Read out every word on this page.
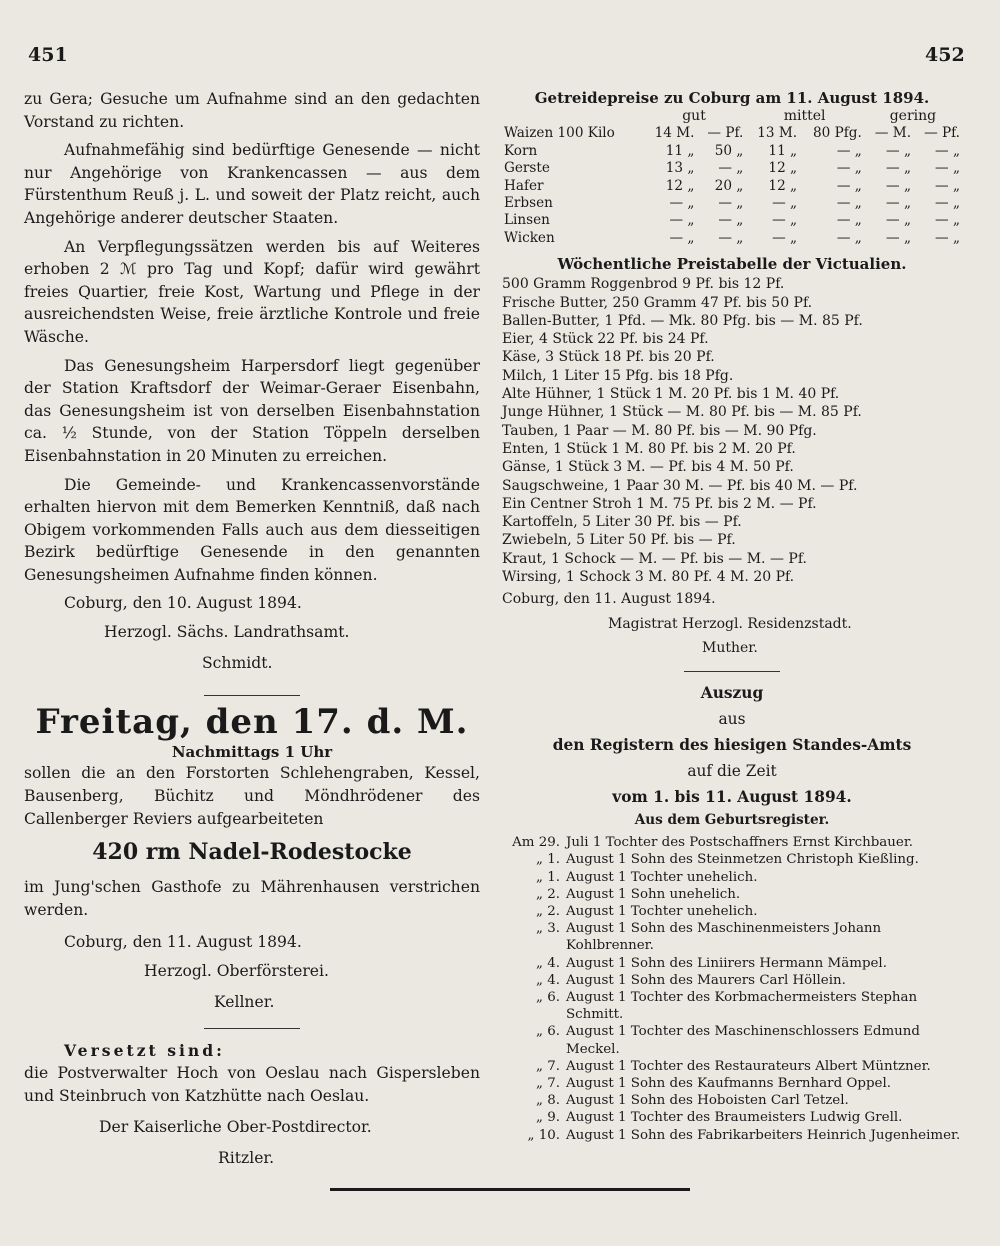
451	452

zu Gera; Gesuche um Aufnahme sind an den gedachten Vorstand zu richten.

Aufnahmefähig sind bedürftige Genesende — nicht nur Angehörige von Krankencassen — aus dem Fürstenthum Reuß j. L. und soweit der Platz reicht, auch Angehörige anderer deutscher Staaten.

An Verpflegungssätzen werden bis auf Weiteres erhoben 2 ℳ pro Tag und Kopf; dafür wird gewährt freies Quartier, freie Kost, Wartung und Pflege in der ausreichendsten Weise, freie ärztliche Kontrole und freie Wäsche.

Das Genesungsheim Harpersdorf liegt gegenüber der Station Kraftsdorf der Weimar-Geraer Eisenbahn, das Genesungsheim ist von derselben Eisenbahnstation ca. ½ Stunde, von der Station Töppeln derselben Eisenbahnstation in 20 Minuten zu erreichen.

Die Gemeinde- und Krankencassenvorstände erhalten hiervon mit dem Bemerken Kenntniß, daß nach Obigem vorkommenden Falls auch aus dem diesseitigen Bezirk bedürftige Genesende in den genannten Genesungsheimen Aufnahme finden können.

Coburg, den 10. August 1894.

Herzogl. Sächs. Landrathsamt.

Schmidt.

Freitag, den 17. d. M.
Nachmittags 1 Uhr

sollen die an den Forstorten Schlehengraben, Kessel, Bausenberg, Büchitz und Möndhrödener des Callenberger Reviers aufgearbeiteten

420 rm Nadel-Rodestocke

im Jung'schen Gasthofe zu Mährenhausen verstrichen werden.

Coburg, den 11. August 1894.

Herzogl. Oberförsterei.

Kellner.

Versetzt sind:

die Postverwalter Hoch von Oeslau nach Gispersleben und Steinbruch von Katzhütte nach Oeslau.

Der Kaiserliche Ober-Postdirector.

Ritzler.

Getreidepreise zu Coburg am 11. August 1894.
	gut		mittel		gering	
Waizen 100 Kilo	14 M.	— Pf.	13 M.	80 Pfg.	— M.	— Pf.
Korn	11 „	50 „	11 „	— „	— „	— „
Gerste	13 „	— „	12 „	— „	— „	— „
Hafer	12 „	20 „	12 „	— „	— „	— „
Erbsen	— „	— „	— „	— „	— „	— „
Linsen	— „	— „	— „	— „	— „	— „
Wicken	— „	— „	— „	— „	— „	— „
Wöchentliche Preistabelle der Victualien.

500 Gramm Roggenbrod 9 Pf. bis 12 Pf.

Frische Butter, 250 Gramm 47 Pf. bis 50 Pf.

Ballen-Butter, 1 Pfd. — Mk. 80 Pfg. bis — M. 85 Pf.

Eier, 4 Stück 22 Pf. bis 24 Pf.

Käse, 3 Stück 18 Pf. bis 20 Pf.

Milch, 1 Liter 15 Pfg. bis 18 Pfg.

Alte Hühner, 1 Stück 1 M. 20 Pf. bis 1 M. 40 Pf.

Junge Hühner, 1 Stück — M. 80 Pf. bis — M. 85 Pf.

Tauben, 1 Paar — M. 80 Pf. bis — M. 90 Pfg.

Enten, 1 Stück 1 M. 80 Pf. bis 2 M. 20 Pf.

Gänse, 1 Stück 3 M. — Pf. bis 4 M. 50 Pf.

Saugschweine, 1 Paar 30 M. — Pf. bis 40 M. — Pf.

Ein Centner Stroh 1 M. 75 Pf. bis 2 M. — Pf.

Kartoffeln, 5 Liter 30 Pf. bis — Pf.

Zwiebeln, 5 Liter 50 Pf. bis — Pf.

Kraut, 1 Schock — M. — Pf. bis — M. — Pf.

Wirsing, 1 Schock 3 M. 80 Pf. 4 M. 20 Pf.

Coburg, den 11. August 1894.

Magistrat Herzogl. Residenzstadt.

Muther.

Auszug
aus
den Registern des hiesigen Standes-Amts
auf die Zeit
vom 1. bis 11. August 1894.
Aus dem Geburtsregister.
Am 29. Juli 1 Tochter des Postschaffners Ernst Kirchbauer.
„ 1. August 1 Sohn des Steinmetzen Christoph Kießling.
„ 1. August 1 Tochter unehelich.
„ 2. August 1 Sohn unehelich.
„ 2. August 1 Tochter unehelich.
„ 3. August 1 Sohn des Maschinenmeisters Johann Kohlbrenner.
„ 4. August 1 Sohn des Liniirers Hermann Mämpel.
„ 4. August 1 Sohn des Maurers Carl Höllein.
„ 6. August 1 Tochter des Korbmachermeisters Stephan Schmitt.
„ 6. August 1 Tochter des Maschinenschlossers Edmund Meckel.
„ 7. August 1 Tochter des Restaurateurs Albert Müntzner.
„ 7. August 1 Sohn des Kaufmanns Bernhard Oppel.
„ 8. August 1 Sohn des Hoboisten Carl Tetzel.
„ 9. August 1 Tochter des Braumeisters Ludwig Grell.
„ 10. August 1 Sohn des Fabrikarbeiters Heinrich Jugenheimer.
